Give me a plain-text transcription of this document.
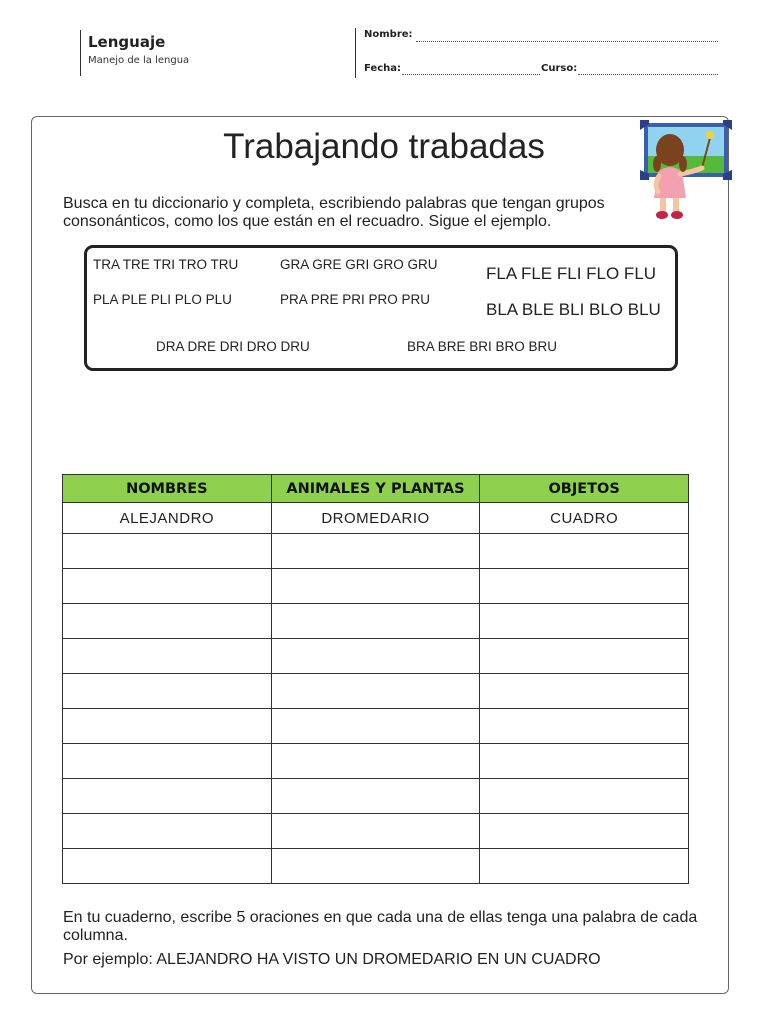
Lenguaje
Manejo de la lengua
Nombre:
Fecha:	Curso:
Trabajando trabadas
Busca en tu diccionario y completa, escribiendo palabras que tengan grupos consonánticos, como los que están en el recuadro. Sigue el ejemplo.
TRA TRE TRI TRO TRU	GRA GRE GRI GRO GRU	FLA FLE FLI FLO FLU
PLA PLE PLI PLO PLU	PRA PRE PRI PRO PRU
BLA BLE BLI BLO BLU
DRA DRE DRI DRO DRU	BRA BRE BRI BRO BRU
NOMBRES	ANIMALES Y PLANTAS	OBJETOS
ALEJANDRO	DROMEDARIO	CUADRO

En tu cuaderno, escribe 5 oraciones en que cada una de ellas tenga una palabra de cada columna.
Por ejemplo: ALEJANDRO HA VISTO UN DROMEDARIO EN UN CUADRO
